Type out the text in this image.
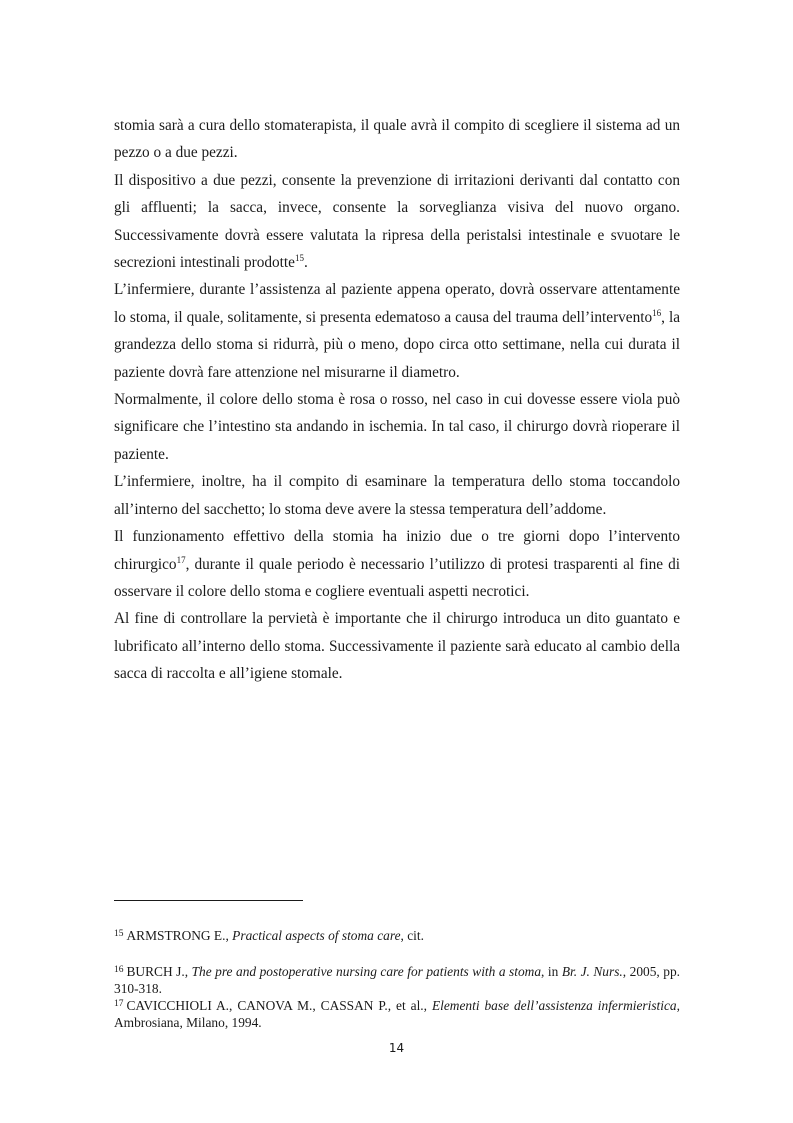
stomia sarà a cura dello stomaterapista, il quale avrà il compito di scegliere il sistema ad un pezzo o a due pezzi.

Il dispositivo a due pezzi, consente la prevenzione di irritazioni derivanti dal contatto con gli affluenti; la sacca, invece, consente la sorveglianza visiva del nuovo organo. Successivamente dovrà essere valutata la ripresa della peristalsi intestinale e svuotare le secrezioni intestinali prodotte$^{15}$.

L’infermiere, durante l’assistenza al paziente appena operato, dovrà osservare attentamente lo stoma, il quale, solitamente, si presenta edematoso a causa del trauma dell’intervento$^{16}$, la grandezza dello stoma si ridurrà, più o meno, dopo circa otto settimane, nella cui durata il paziente dovrà fare attenzione nel misurarne il diametro.

Normalmente, il colore dello stoma è rosa o rosso, nel caso in cui dovesse essere viola può significare che l’intestino sta andando in ischemia. In tal caso, il chirurgo dovrà rioperare il paziente.

L’infermiere, inoltre, ha il compito di esaminare la temperatura dello stoma toccandolo all’interno del sacchetto; lo stoma deve avere la stessa temperatura dell’addome.

Il funzionamento effettivo della stomia ha inizio due o tre giorni dopo l’intervento chirurgico$^{17}$, durante il quale periodo è necessario l’utilizzo di protesi trasparenti al fine di osservare il colore dello stoma e cogliere eventuali aspetti necrotici.

Al fine di controllare la pervietà è importante che il chirurgo introduca un dito guantato e lubrificato all’interno dello stoma. Successivamente il paziente sarà educato al cambio della sacca di raccolta e all’igiene stomale.

$^{15}$ ARMSTRONG E., Practical aspects of stoma care, cit.
$^{16}$ BURCH J., The pre and postoperative nursing care for patients with a stoma, in Br. J. Nurs., 2005, pp. 310-318.
$^{17}$ CAVICCHIOLI A., CANOVA M., CASSAN P., et al., Elementi base dell’assistenza infermieristica, Ambrosiana, Milano, 1994.
14
